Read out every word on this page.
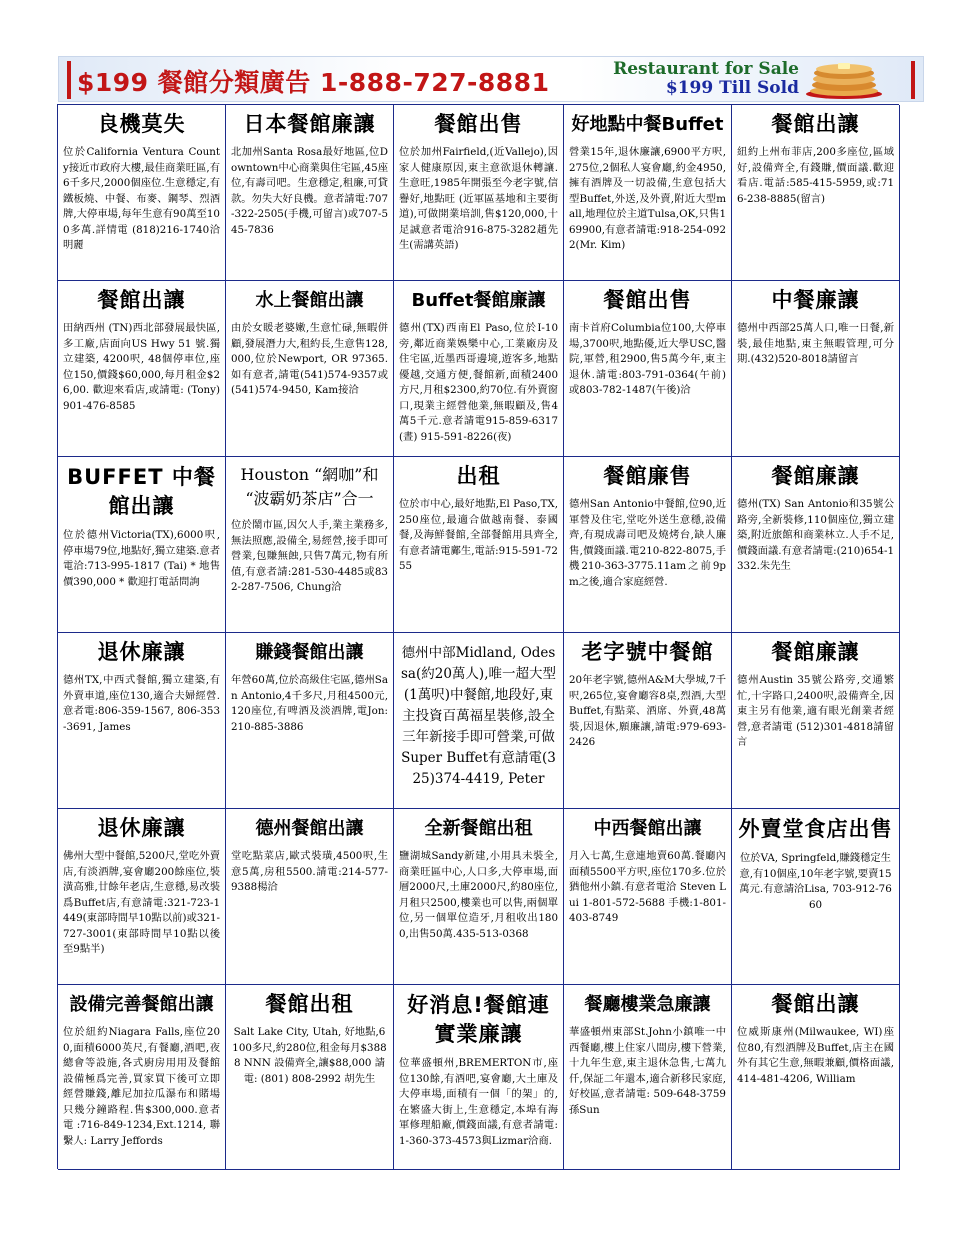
$199 餐館分類廣告 1-888-727-8881	Restaurant for Sale
$199 Till Sold
良機莫失

位於California Ventura County接近市政府大樓,最佳商業旺區,有6千多尺,2000個座位.生意穩定,有鐵板燒、中餐、布麥、鋼琴、烈酒牌,大停車場,每年生意有90萬至100多萬.詳情電 (818)216-1740洽明麗

日本餐館廉讓

北加州Santa Rosa最好地區,位Downtown中心商業與住宅區,45座位,有壽司吧。生意穩定,租廉,可貸款。勿失大好良機。意者請電:707-322-2505(手機,可留言)或707-545-7836

餐館出售

位於加州Fairfield,(近Vallejo),因家人健康原因,東主意欲退休轉讓.生意旺,1985年開張至今老字號,信譽好,地點旺 (近軍區基地和主要街道),可做開業培訓,售$120,000,十足誠意者電洽916-875-3282趙先生(需講英語)

好地點中餐Buffet

營業15年,退休廉讓,6900平方呎,275位,2個私人宴會廳,約金4950,擁有酒牌及一切設備,生意包括大型Buffet,外送,及外賣,附近大型mall,地理位於主道Tulsa,OK,只售169900,有意者請電:918-254-0922(Mr. Kim)

餐館出讓

紐約上州布菲店,200多座位,區域好,設備齊全,有錢賺,價面議.歡迎看店.電話:585-415-5959,或:716-238-8885(留言)

餐館出讓

田納西州 (TN)西北部發展最快區,多工廠,店面向US Hwy 51 號.獨立建築, 4200呎, 48個停車位,座位150,價錢$60,000,每月租金$26,00. 歡迎來看店,或請電: (Tony) 901-476-8585

水上餐館出讓

由於女䁔老婆嫩,生意忙碌,無暇併顧,發展潛力大,租約長,生意售128,000,位於Newport, OR 97365.如有意者,請電(541)574-9357或 (541)574-9450, Kam接洽

Buffet餐館廉讓

德州(TX)西南El Paso,位於I-10旁,鄰近商業娛樂中心,工業廠房及住宅區,近墨西哥邊境,遊客多,地點優越,交通方便,餐館新,面積2400方尺,月租$2300,約70位.有外賣窗口,現業主經營他業,無暇顧及,售4萬5千元.意者請電915-859-6317(晝) 915-591-8226(夜)

餐館出售

南卡首府Columbia位100,大停車場,3700呎,地點優,近大學USC,醫院,軍營,租2900,售5萬今年,東主退休.請電:803-791-0364(午前) 或803-782-1487(午後)洽

中餐廉讓

德州中西部25萬人口,唯一日餐,新裝,最佳地點,東主無暇管理,可分期.(432)520-8018請留言

BUFFET 中餐館出讓

位於德州Victoria(TX),6000呎,停車場79位,地點好,獨立建築.意者電洽:713-995-1817 (Tai) * 地售價390,000 * 歡迎打電話問詢

Houston “網咖”和 “波霸奶茶店”合一

位於鬧市區,因欠人手,業主業務多,無法照應,設備全,易經營,接手即可營業,包賺無蝕,只售7萬元,物有所值,有意者請:281-530-4485或832-287-7506, Chung洽

出租

位於市中心,最好地點,El Paso,TX,250座位,最適合做越南餐、泰國餐,及海鮮餐館,全部餐館用具齊全,有意者請電鄺生,電話:915-591-7255

餐館廉售

德州San Antonio中餐館,位90,近軍營及住宅,堂吃外送生意穩,設備齊,有現成壽司吧及燒烤台,缺人廉售,價錢面議.電210-822-8075,手機210-363-3775.11am之前9pm之後,適合家庭經營.

餐館廉讓

德州(TX) San Antonio和35號公路旁,全新裝修,110個座位,獨立建築,附近旅館和商業林立.人手不足,價錢面議.有意者請電:(210)654-1332.朱先生

退休廉讓

德州TX,中西式餐館,獨立建築,有外賣車道,座位130,適合夫婦經營.意者電:806-359-1567, 806-353-3691, James

賺錢餐館出讓

年營60萬,位於高級住宅區,德州San Antonio,4千多尺,月租4500元,120座位,有啤酒及淡酒牌,電Jon: 210-885-3886

德州中部Midland, Odessa(約20萬人),唯一超大型(1萬呎)中餐館,地段好,東主投資百萬福星裝修,設全三年新接手即可營業,可做Super Buffet有意請電(325)374-4419, Peter

老字號中餐館

20年老字號,德州A&M大學城,7千呎,265位,宴會廳容8桌,烈酒,大型Buffet,有點菜、酒席、外賣,48萬裝,因退休,願廉讓,請電:979-693-2426

餐館廉讓

德州Austin 35號公路旁,交通繁忙,十字路口,2400呎,設備齊全,因東主另有他業,適有眼光創業者經營,意者請電 (512)301-4818請留言

退休廉讓

佛州大型中餐館,5200尺,堂吃外賣店,有淡酒牌,宴會廳200餘座位,裝潢高雅,廿餘年老店,生意穩,易改裝爲Buffet店,有意請電:321-723-1449(東部時間早10點以前)或321-727-3001(東部時間早10點以後至9點半)

德州餐館出讓

堂吃點菜店,歐式裝璜,4500呎,生意5萬,房租5500.請電:214-577-9388楊洽

全新餐館出租

鹽湖城Sandy新建,小用具未裝全,商業旺區中心,人口多,大停車場,面層2000尺,土庫2000尺,約80座位,月租只2500,樓業也可以售,兩個單位,另一個單位造牙,月租收出1800,出售50萬.435-513-0368

中西餐館出讓

月入七萬,生意連地賣60萬.餐廳內面積5500平方呎,座位170多.位於猶他州小鎮.有意者電洽 Steven Lui 1-801-572-5688 手機:1-801-403-8749

外賣堂食店出售

位於VA, Springfeld,賺錢穩定生意,有10個座,10年老字號,要賣15萬元.有意請洽Lisa, 703-912-7660

設備完善餐館出讓

位於紐約Niagara Falls,座位200,面積6000英尺,有餐廳,酒吧,夜總會等設施,各式廚房用用及餐館設備極爲完善,買家買下後可立即經營賺錢,離尼加拉瓜瀑布和賭場只幾分鐘路程.售$300,000.意者電:716-849-1234,Ext.1214,聯繫人: Larry Jeffords

餐館出租

Salt Lake City, Utah, 好地點,6100多尺,約280位,租金每月$3888 NNN 設備齊全,讓$88,000 請電: (801) 808-2992 胡先生

好消息!餐館連實業廉讓

位華盛頓州,BREMERTON市,座位130餘,有酒吧,宴會廳,大土庫及大停車場,面積有一個「的架」的,在繁盛大街上,生意穩定,本埠有海軍修理船廠,價錢面議,有意者請電:1-360-373-4573與Lizmar洽商.

餐廳樓業急廉讓

華盛頓州東部St.John小鎮唯一中西餐廳,樓上住家八間房,樓下營業,十九年生意,東主退休急售,七萬九仟,保証二年還本,適合新移民家庭,好校區,意者請電: 509-648-3759 孫Sun

餐館出讓

位威斯康州(Milwaukee, WI)座位80,有烈酒牌及Buffet,店主在國外有其它生意,無暇兼顧,價格面議,414-481-4206, William
